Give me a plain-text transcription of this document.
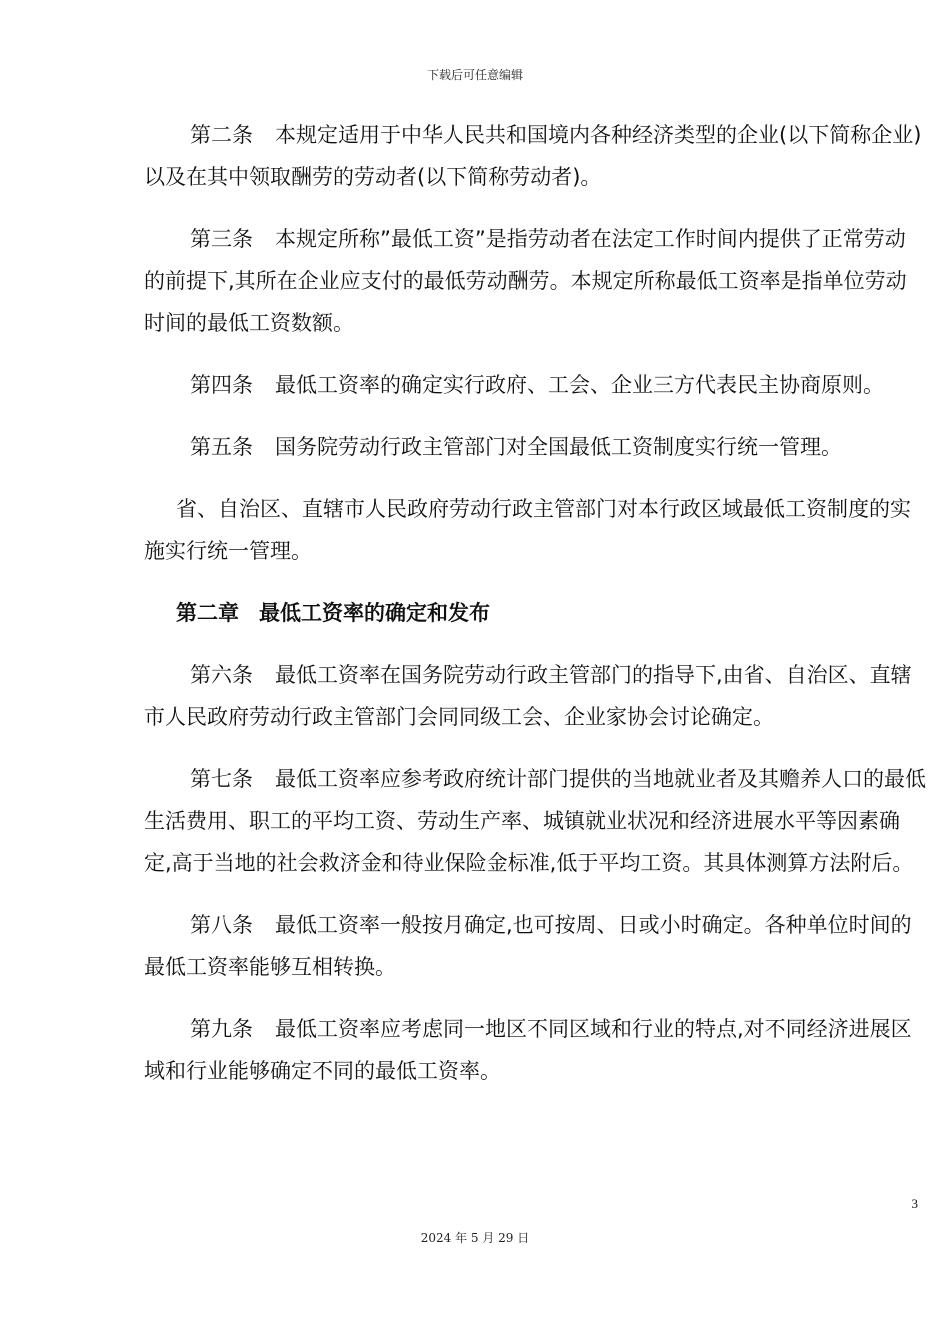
下载后可任意编辑

第二条 本规定适用于中华人民共和国境内各种经济类型的企业(以下简称企业)以及在其中领取酬劳的劳动者(以下简称劳动者)。

第三条 本规定所称”最低工资”是指劳动者在法定工作时间内提供了正常劳动的前提下,其所在企业应支付的最低劳动酬劳。本规定所称最低工资率是指单位劳动时间的最低工资数额。

第四条 最低工资率的确定实行政府、工会、企业三方代表民主协商原则。

第五条 国务院劳动行政主管部门对全国最低工资制度实行统一管理。

省、自治区、直辖市人民政府劳动行政主管部门对本行政区域最低工资制度的实施实行统一管理。

第二章 最低工资率的确定和发布

第六条 最低工资率在国务院劳动行政主管部门的指导下,由省、自治区、直辖市人民政府劳动行政主管部门会同同级工会、企业家协会讨论确定。

第七条 最低工资率应参考政府统计部门提供的当地就业者及其赡养人口的最低生活费用、职工的平均工资、劳动生产率、城镇就业状况和经济进展水平等因素确定,高于当地的社会救济金和待业保险金标准,低于平均工资。其具体测算方法附后。

第八条 最低工资率一般按月确定,也可按周、日或小时确定。各种单位时间的最低工资率能够互相转换。

第九条 最低工资率应考虑同一地区不同区域和行业的特点,对不同经济进展区域和行业能够确定不同的最低工资率。

3
2024 年 5 月 29 日
